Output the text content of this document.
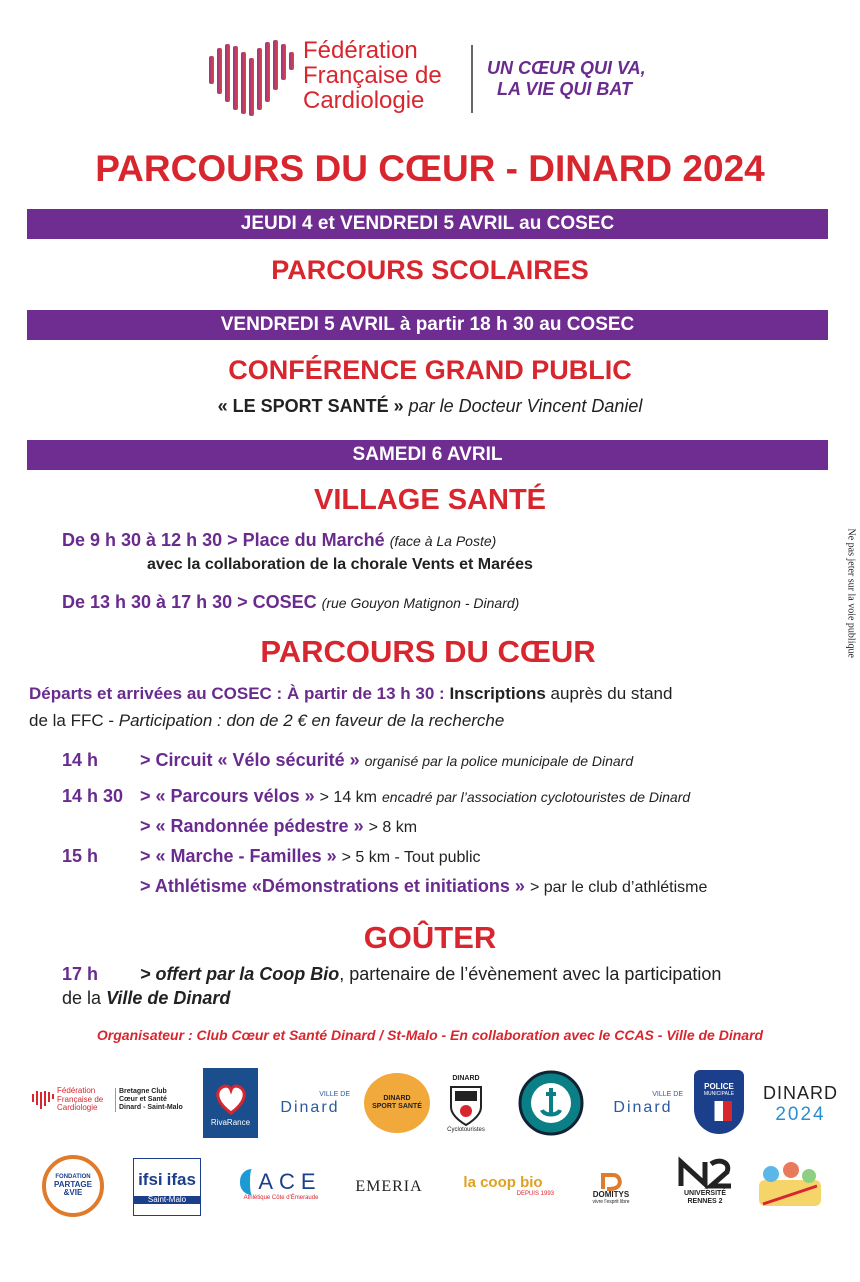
Fédération
Française de
Cardiologie
UN CŒUR QUI VA,
LA VIE QUI BAT
PARCOURS DU CŒUR - DINARD 2024
JEUDI 4 et VENDREDI 5 AVRIL au COSEC
PARCOURS SCOLAIRES
VENDREDI 5 AVRIL à partir 18 h 30 au COSEC
CONFÉRENCE GRAND PUBLIC
« LE SPORT SANTÉ » par le Docteur Vincent Daniel
SAMEDI 6 AVRIL
VILLAGE SANTÉ
De 9 h 30 à 12 h 30 > Place du Marché (face à La Poste)
avec la collaboration de la chorale Vents et Marées
De 13 h 30 à 17 h 30 > COSEC (rue Gouyon Matignon - Dinard)
PARCOURS DU CŒUR
Départs et arrivées au COSEC : À partir de 13 h 30 : Inscriptions auprès du stand
de la FFC - Participation : don de 2 € en faveur de la recherche
14 h > Circuit « Vélo sécurité » organisé par la police municipale de Dinard
14 h 30 > « Parcours vélos » > 14 km encadré par l’association cyclotouristes de Dinard
> « Randonnée pédestre » > 8 km
15 h > « Marche - Familles » > 5 km - Tout public
> Athlétisme «Démonstrations et initiations » > par le club d’athlétisme
GOÛTER
17 h > offert par la Coop Bio, partenaire de l’évènement avec la participation
de la Ville de Dinard
Organisateur : Club Cœur et Santé Dinard / St-Malo - En collaboration avec le CCAS - Ville de Dinard
Ne pas jeter sur la voie publique
Fédération Française de Cardiologie
Bretagne Club Cœur et Santé Dinard - Saint-Malo
RivaRance
VILLE DE
Dinard
DINARD
SPORT SANTÉ
DINARD
Cyclotouristes
VILLE DE
Dinard
POLICE
MUNICIPALE DINARD
2024
FONDATION
PARTAGE
&VIE
ifsi ifas
Saint-Malo
ACE
Athlétique Côte d'Émeraude
EMERIA	la coop bio
DEPUIS 1993	DOMITYS
vivre l'esprit libre
UNIVERSITÉ
RENNES 2
